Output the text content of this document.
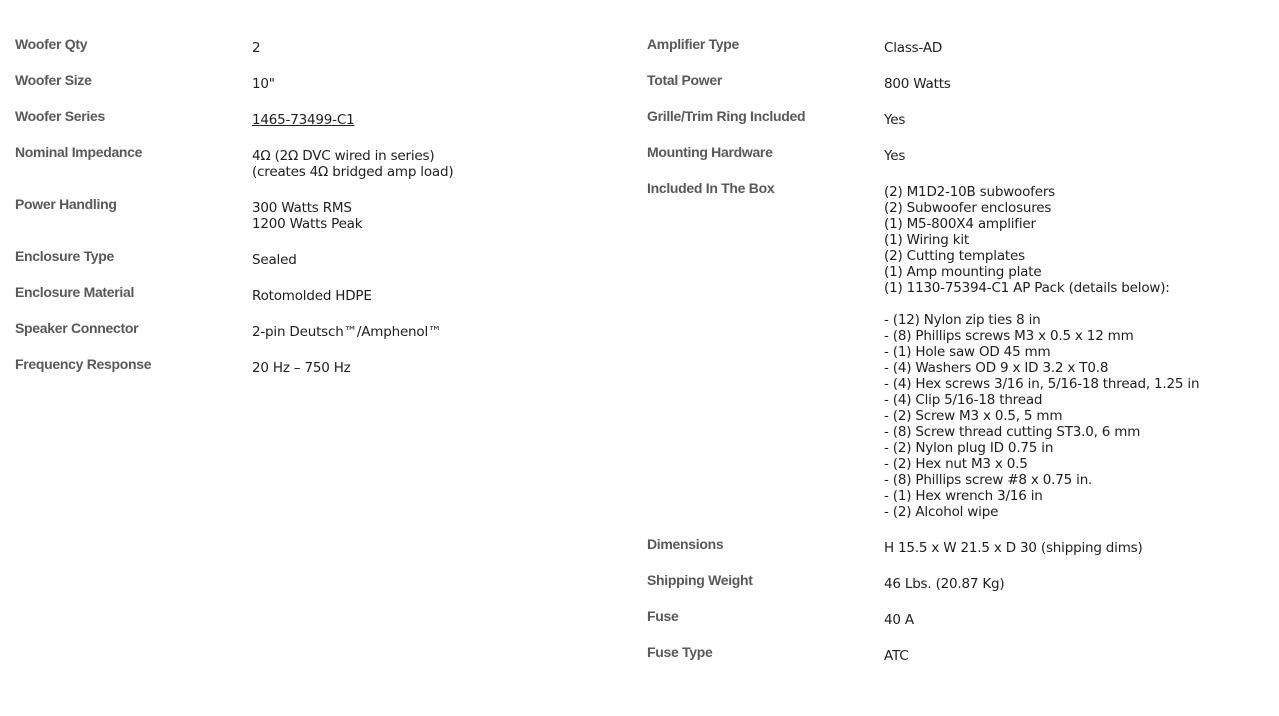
Woofer Qty	2
Woofer Size	10"
Woofer Series	1465-73499-C1
Nominal Impedance	4Ω (2Ω DVC wired in series)
(creates 4Ω bridged amp load)
Power Handling	300 Watts RMS
1200 Watts Peak
Enclosure Type	Sealed
Enclosure Material	Rotomolded HDPE
Speaker Connector	2-pin Deutsch™/Amphenol™
Frequency Response	20 Hz – 750 Hz
Amplifier Type	Class-AD
Total Power	800 Watts
Grille/Trim Ring Included	Yes
Mounting Hardware	Yes
Included In The Box	(2) M1D2-10B subwoofers
(2) Subwoofer enclosures
(1) M5-800X4 amplifier
(1) Wiring kit
(2) Cutting templates
(1) Amp mounting plate
(1) 1130-75394-C1 AP Pack (details below):
- (12) Nylon zip ties 8 in
- (8) Phillips screws M3 x 0.5 x 12 mm
- (1) Hole saw OD 45 mm
- (4) Washers OD 9 x ID 3.2 x T0.8
- (4) Hex screws 3/16 in, 5/16-18 thread, 1.25 in
- (4) Clip 5/16-18 thread
- (2) Screw M3 x 0.5, 5 mm
- (8) Screw thread cutting ST3.0, 6 mm
- (2) Nylon plug ID 0.75 in
- (2) Hex nut M3 x 0.5
- (8) Phillips screw #8 x 0.75 in.
- (1) Hex wrench 3/16 in
- (2) Alcohol wipe
Dimensions	H 15.5 x W 21.5 x D 30 (shipping dims)
Shipping Weight	46 Lbs. (20.87 Kg)
Fuse	40 A
Fuse Type	ATC
